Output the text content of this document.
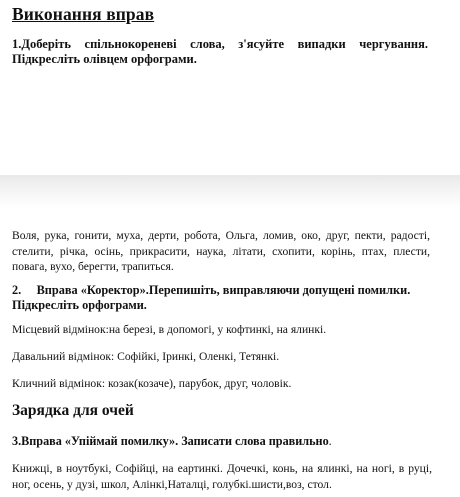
Виконання вправ

1.Доберіть спільнокореневі слова, з'ясуйте випадки чергування. Підкресліть олівцем орфограми.

Воля, рука, гонити, муха, дерти, робота, Ольга, ломив, око, друг, пекти, радості, стелити, річка, осінь, прикрасити, наука, літати, схопити, корінь, птах, плести, повага, вухо, берегти, трапиться.

2. Вправа «Коректор».Перепишіть, виправляючи допущені помилки. Підкресліть орфограми.

Місцевий відмінок:на березі, в допомогі, у кофтинкі, на ялинкі.

Давальний відмінок: Софійкі, Іринкі, Оленкі, Тетянкі.

Кличний відмінок: козак(козаче), парубок, друг, чоловік.

Зарядка для очей

3.Вправа «Упіймай помилку». Записати слова правильно.

Книжці, в ноутбукі, Софійці, на еартинкі. Дочечкі, конь, на ялинкі, на ногі, в руці, ног, осень, у дузі, школ, Алінкі,Наталці, голубкі.шисти,воз, стол.
